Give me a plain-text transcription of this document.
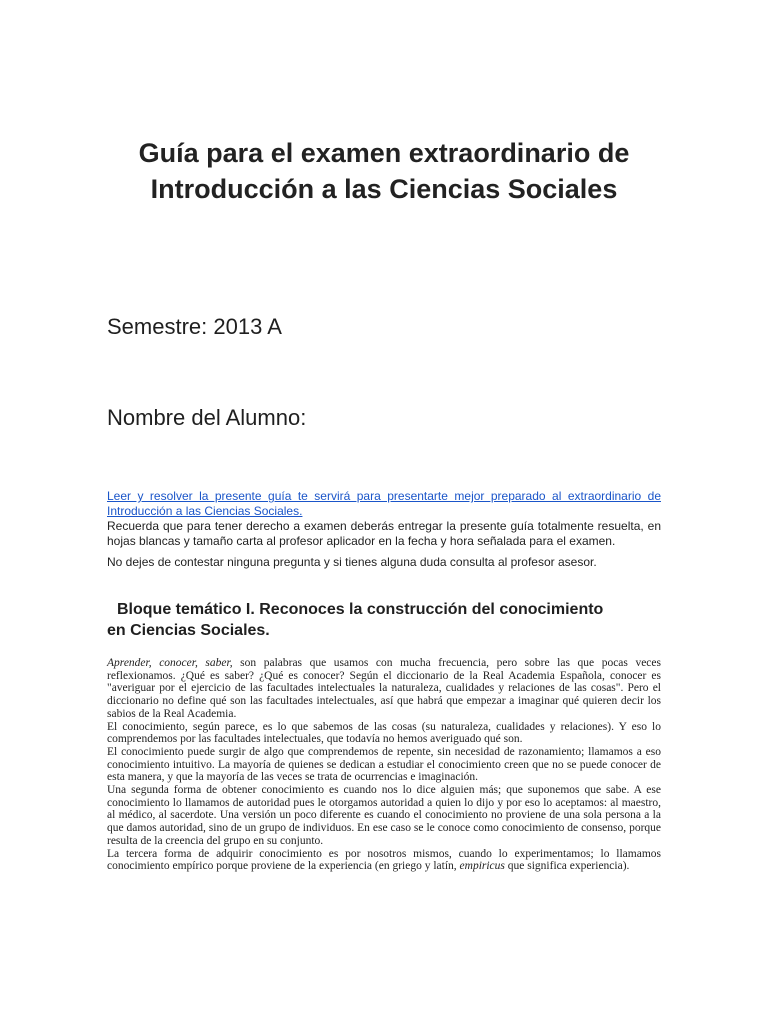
Guía para el examen extraordinario de
Introducción a las Ciencias Sociales
Semestre: 2013 A
Nombre del Alumno:
Leer y resolver la presente guía te servirá para presentarte mejor preparado al extraordinario de Introducción a las Ciencias Sociales.
Recuerda que para tener derecho a examen deberás entregar la presente guía totalmente resuelta, en hojas blancas y tamaño carta al profesor aplicador en la fecha y hora señalada para el examen.
No dejes de contestar ninguna pregunta y si tienes alguna duda consulta al profesor asesor.
Bloque temático I. Reconoces la construcción del conocimiento
en Ciencias Sociales.

Aprender, conocer, saber, son palabras que usamos con mucha frecuencia, pero sobre las que pocas veces reflexionamos. ¿Qué es saber? ¿Qué es conocer? Según el diccionario de la Real Academia Española, conocer es "averiguar por el ejercicio de las facultades intelectuales la naturaleza, cualidades y relaciones de las cosas". Pero el diccionario no define qué son las facultades intelectuales, así que habrá que empezar a imaginar qué quieren decir los sabios de la Real Academia.

El conocimiento, según parece, es lo que sabemos de las cosas (su naturaleza, cualidades y relaciones). Y eso lo comprendemos por las facultades intelectuales, que todavía no hemos averiguado qué son.

El conocimiento puede surgir de algo que comprendemos de repente, sin necesidad de razonamiento; llamamos a eso conocimiento intuitivo. La mayoría de quienes se dedican a estudiar el conocimiento creen que no se puede conocer de esta manera, y que la mayoría de las veces se trata de ocurrencias e imaginación.

Una segunda forma de obtener conocimiento es cuando nos lo dice alguien más; que suponemos que sabe. A ese conocimiento lo llamamos de autoridad pues le otorgamos autoridad a quien lo dijo y por eso lo aceptamos: al maestro, al médico, al sacerdote. Una versión un poco diferente es cuando el conocimiento no proviene de una sola persona a la que damos autoridad, sino de un grupo de individuos. En ese caso se le conoce como conocimiento de consenso, porque resulta de la creencia del grupo en su conjunto.

La tercera forma de adquirir conocimiento es por nosotros mismos, cuando lo experimentamos; lo llamamos conocimiento empírico porque proviene de la experiencia (en griego y latín, empiricus que significa experiencia).
